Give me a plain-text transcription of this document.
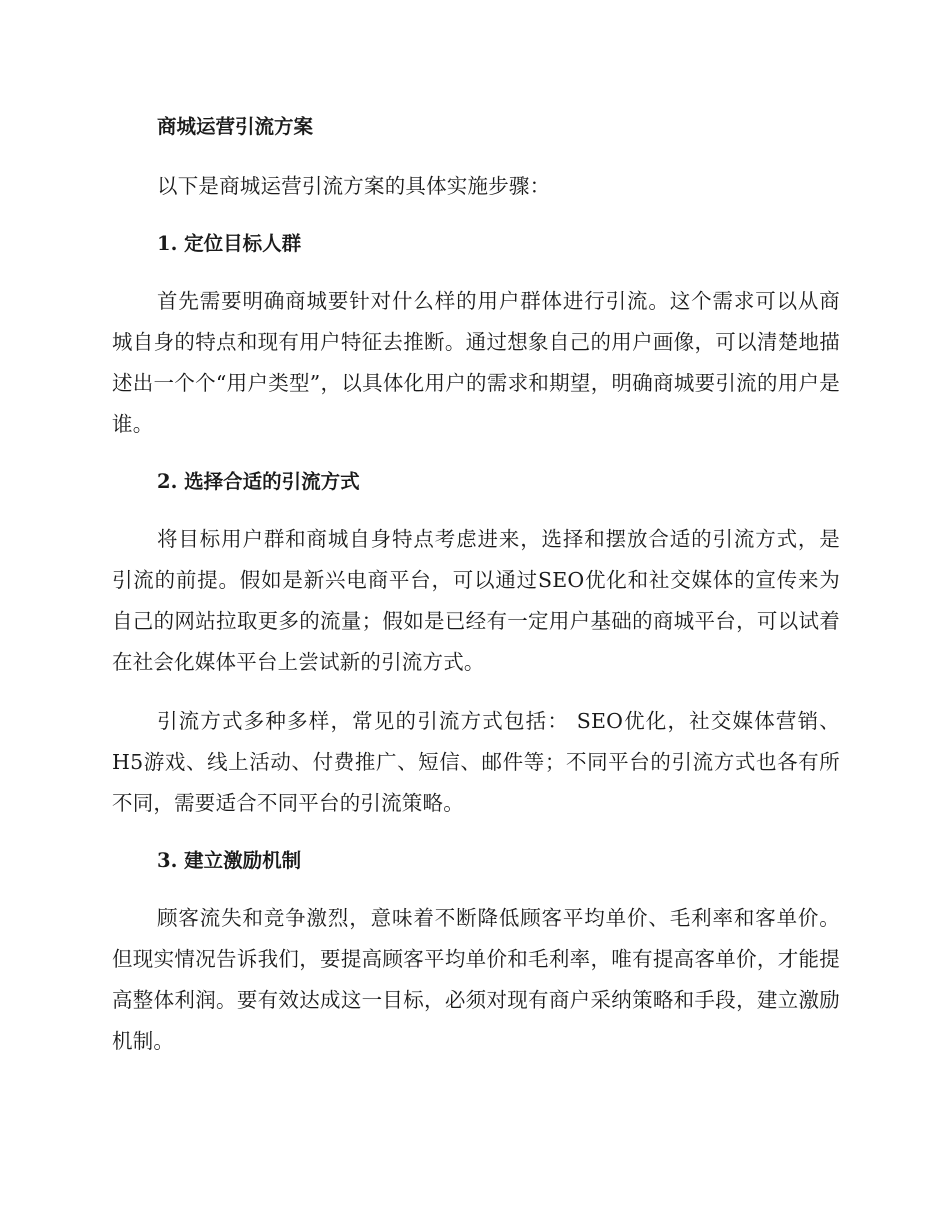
商城运营引流方案

以下是商城运营引流方案的具体实施步骤：

1. 定位目标人群

首先需要明确商城要针对什么样的用户群体进行引流。这个需求可以从商城自身的特点和现有用户特征去推断。通过想象自己的用户画像，可以清楚地描述出一个个“用户类型”，以具体化用户的需求和期望，明确商城要引流的用户是谁。

2. 选择合适的引流方式

将目标用户群和商城自身特点考虑进来，选择和摆放合适的引流方式，是引流的前提。假如是新兴电商平台，可以通过SEO优化和社交媒体的宣传来为自己的网站拉取更多的流量；假如是已经有一定用户基础的商城平台，可以试着在社会化媒体平台上尝试新的引流方式。

引流方式多种多样，常见的引流方式包括： SEO优化，社交媒体营销、H5游戏、线上活动、付费推广、短信、邮件等；不同平台的引流方式也各有所不同，需要适合不同平台的引流策略。

3. 建立激励机制

顾客流失和竞争激烈，意味着不断降低顾客平均单价、毛利率和客单价。但现实情况告诉我们，要提高顾客平均单价和毛利率，唯有提高客单价，才能提高整体利润。要有效达成这一目标，必须对现有商户采纳策略和手段，建立激励机制。
